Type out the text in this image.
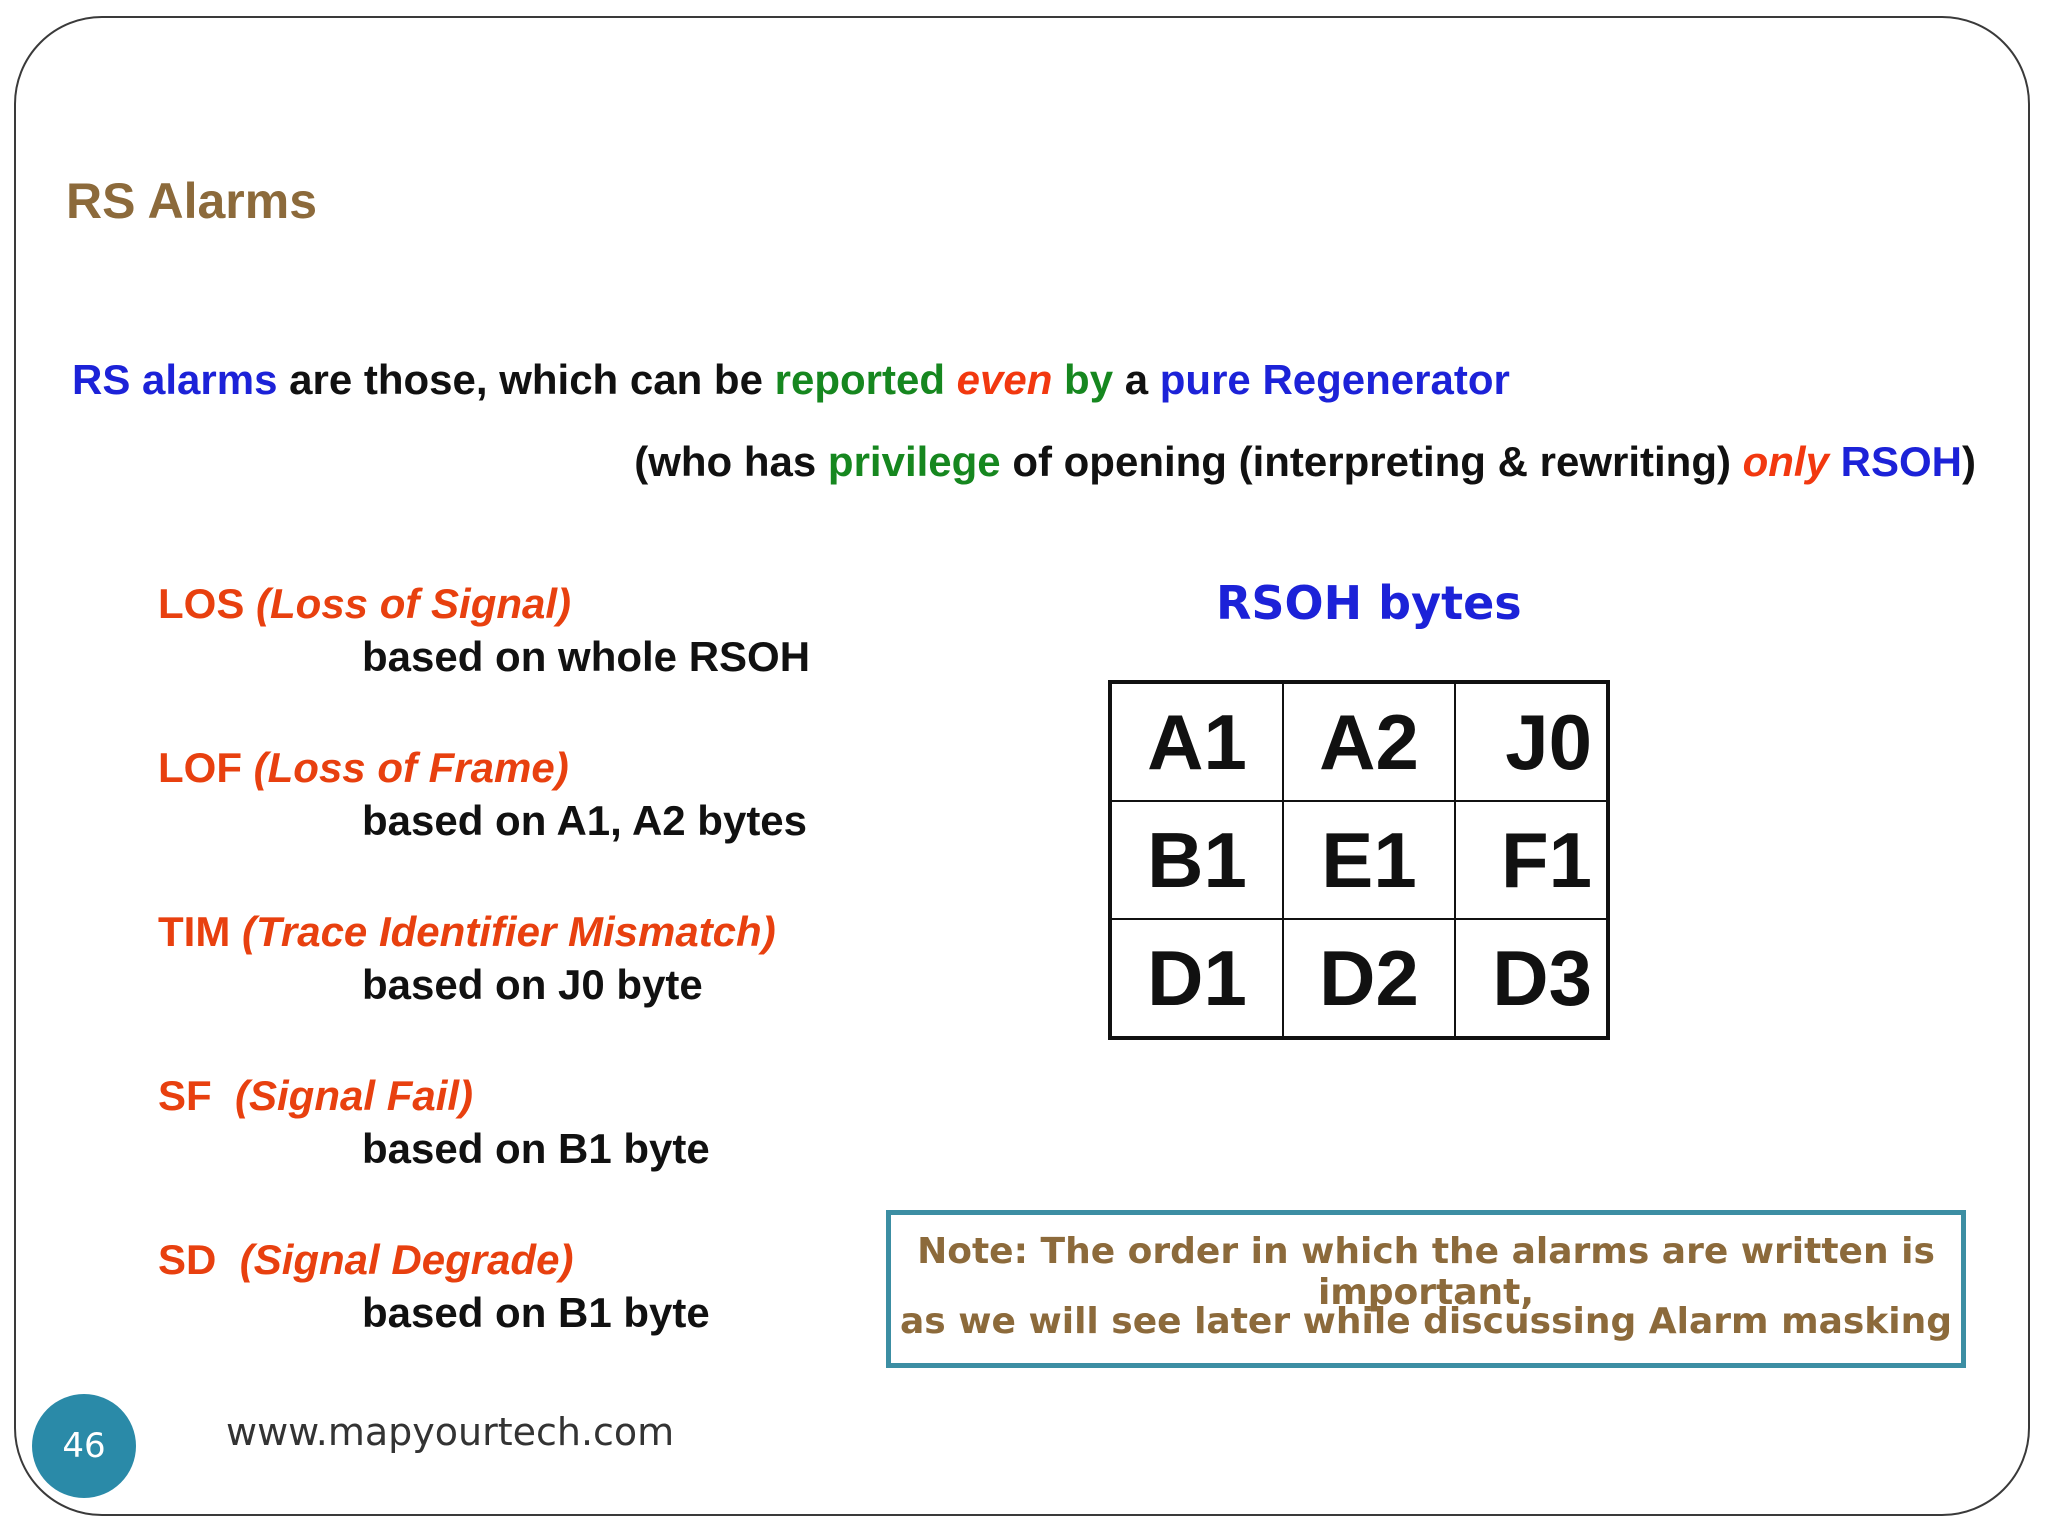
RS Alarms
RS alarms are those, which can be reported even by a pure Regenerator
(who has privilege of opening (interpreting & rewriting) only RSOH)
LOS (Loss of Signal)
based on whole RSOH
LOF (Loss of Frame)
based on A1, A2 bytes
TIM (Trace Identifier Mismatch)
based on J0 byte
SF (Signal Fail)
based on B1 byte
SD (Signal Degrade)
based on B1 byte
RSOH bytes
A1	A2	J0
B1	E1	F1
D1	D2	D3
Note: The order in which the alarms are written is important,
as we will see later while discussing Alarm masking
46	www.mapyourtech.com
